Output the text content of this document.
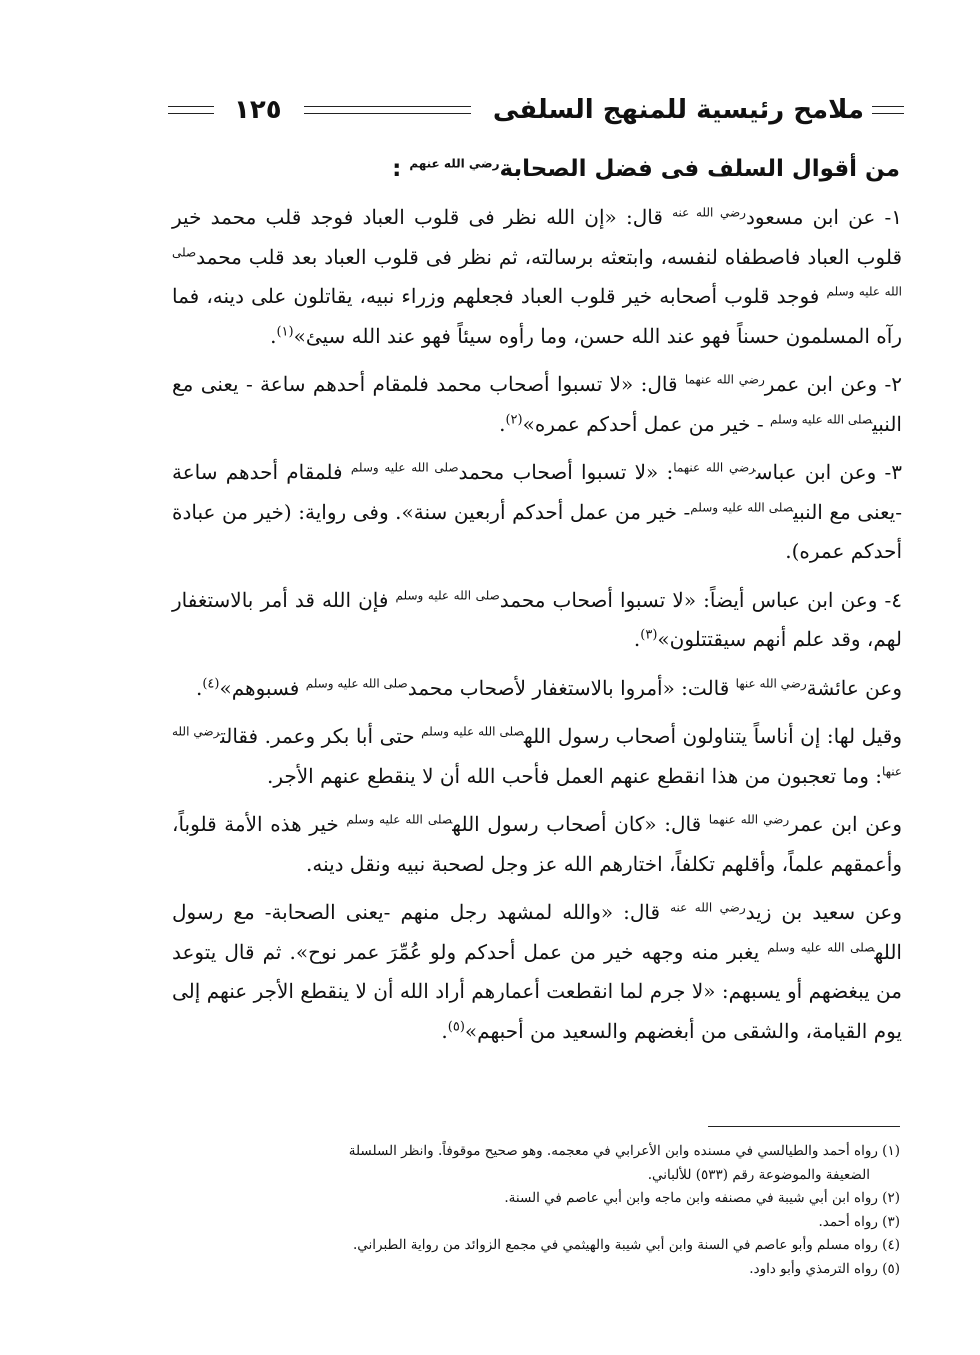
ملامح رئيسية للمنهج السلفى
١٢٥
من أقوال السلف فى فضل الصحابة$^{رضي الله عنهم}$ :

١- عن ابن مسعود$^{رضي الله عنه}$ قال: «إن الله نظر فى قلوب العباد فوجد قلب محمد خير قلوب العباد فاصطفاه لنفسه، وابتعثه برسالته، ثم نظر فى قلوب العباد بعد قلب محمد$^{صلى الله عليه وسلم}$ فوجد قلوب أصحابه خير قلوب العباد فجعلهم وزراء نبيه، يقاتلون على دينه، فما رآه المسلمون حسناً فهو عند الله حسن، وما رأوه سيئاً فهو عند الله سيئ»$^{(١)}$.

٢- وعن ابن عمر$^{رضي الله عنهما}$ قال: «لا تسبوا أصحاب محمد فلمقام أحدهم ساعة - يعنى مع النبي$^{صلى الله عليه وسلم}$ - خير من عمل أحدكم عمره»$^{(٢)}$.

٣- وعن ابن عباس$^{رضي الله عنهما}$: «لا تسبوا أصحاب محمد$^{صلى الله عليه وسلم}$ فلمقام أحدهم ساعة -يعنى مع النبي$^{صلى الله عليه وسلم}$- خير من عمل أحدكم أربعين سنة». وفى رواية: (خير من عبادة أحدكم عمره).

٤- وعن ابن عباس أيضاً: «لا تسبوا أصحاب محمد$^{صلى الله عليه وسلم}$ فإن الله قد أمر بالاستغفار لهم، وقد علم أنهم سيقتتلون»$^{(٣)}$.

وعن عائشة$^{رضي الله عنها}$ قالت: «أمروا بالاستغفار لأصحاب محمد$^{صلى الله عليه وسلم}$ فسبوهم»$^{(٤)}$.

وقيل لها: إن أناساً يتناولون أصحاب رسول الله$^{صلى الله عليه وسلم}$ حتى أبا بكر وعمر. فقالت$^{رضي الله عنها}$: وما تعجبون من هذا انقطع عنهم العمل فأحب الله أن لا ينقطع عنهم الأجر.

وعن ابن عمر$^{رضي الله عنهما}$ قال: «كان أصحاب رسول الله$^{صلى الله عليه وسلم}$ خير هذه الأمة قلوباً، وأعمقهم علماً، وأقلهم تكلفاً، اختارهم الله عز وجل لصحبة نبيه ونقل دينه.

وعن سعيد بن زيد$^{رضي الله عنه}$ قال: «والله لمشهد رجل منهم -يعنى الصحابة- مع رسول الله$^{صلى الله عليه وسلم}$ يغبر منه وجهه خير من عمل أحدكم ولو عُمِّرَ عمر نوح». ثم قال يتوعد من يبغضهم أو يسبهم: «لا جرم لما انقطعت أعمارهم أراد الله أن لا ينقطع الأجر عنهم إلى يوم القيامة، والشقى من أبغضهم والسعيد من أحبهم»$^{(٥)}$.

(١) رواه أحمد والطيالسي في مسنده وابن الأعرابي في معجمه. وهو صحيح موقوفاً. وانظر السلسلة
الضعيفة والموضوعة رقم (٥٣٣) للألباني.
(٢) رواه ابن أبي شيبة في مصنفه وابن ماجه وابن أبي عاصم في السنة.
(٣) رواه أحمد.
(٤) رواه مسلم وأبو عاصم في السنة وابن أبي شيبة والهيثمي في مجمع الزوائد من رواية الطبراني.
(٥) رواه الترمذي وأبو داود.
